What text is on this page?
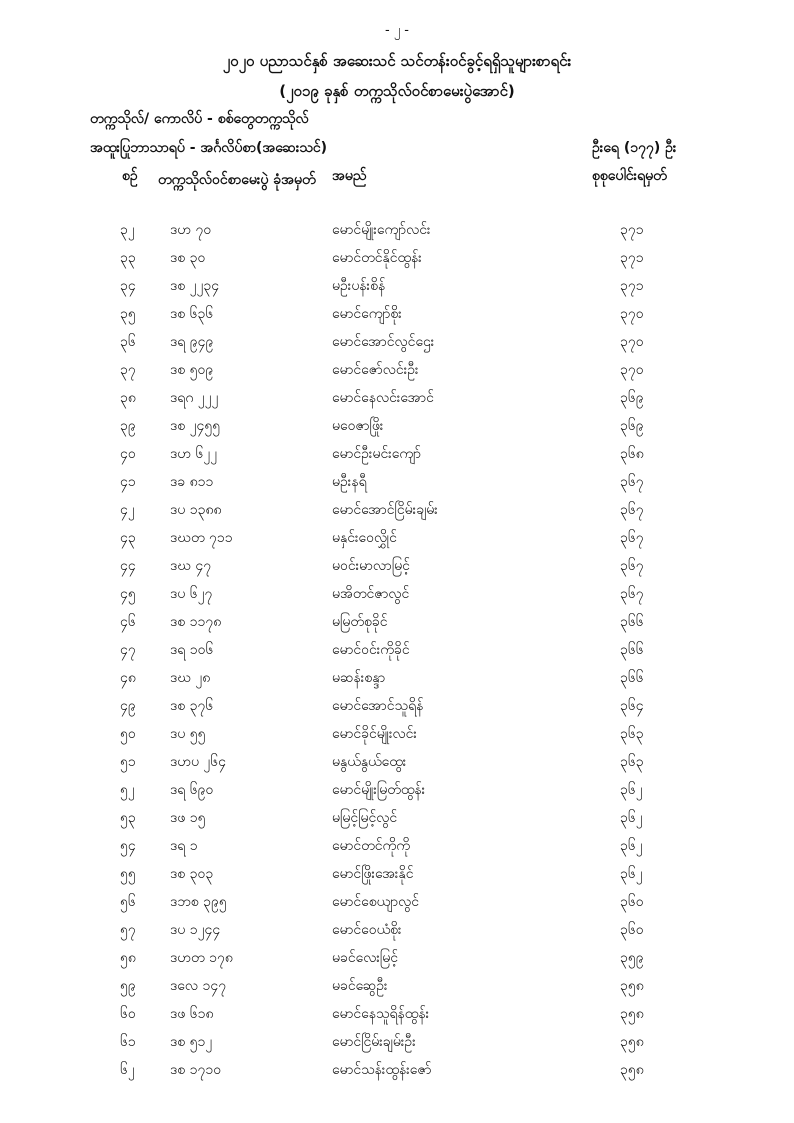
- ၂ -
၂၀၂၀ ပညာသင်နှစ် အဆေးသင် သင်တန်းဝင်ခွင့်ရရှိသူများစာရင်း
(၂၀၁၉ ခုနှစ် တက္ကသိုလ်ဝင်စာမေးပွဲအောင်)
တက္ကသိုလ်/ ကောလိပ် - စစ်တွေတက္ကသိုလ်
အထူးပြုဘာသာရပ် - အင်္ဂလိပ်စာ(အဆေးသင်)	ဦးရေ (၁၇၇) ဦး
စဉ် တက္ကသိုလ်ဝင်စာမေးပွဲ ခုံအမှတ်	အမည်	စုစုပေါင်းရမှတ်
၃၂	ဒဟ ၇၀	မောင်မျိုးကျော်လင်း	၃၇၁
၃၃ ဒစ ၃၀	မောင်တင်နိုင်ထွန်း	၃၇၁
၃၄ ဒစ ၂၂၃၄	မဦးပန်းစိန်	၃၇၁
၃၅ ဒစ ၆၃၆	မောင်ကျော်စိုး	၃၇၀
၃၆ ဒရ ၉၄၉	မောင်အောင်လွင်ဌေး	၃၇၀
၃၇ ဒစ ၅၀၉	မောင်ဇော်လင်းဦး	၃၇၀
၃၈ ဒရဂ ၂၂၂	မောင်နေလင်းအောင်	၃၆၉
၃၉ ဒစ ၂၄၅၅	မဝေဇာဖြိုး	၃၆၉
၄၀ ဒဟ ၆၂၂	မောင်ဦးမင်းကျော်	၃၆၈
၄၁ ဒခ ၈၁၁	မဦးနရီ	၃၆၇
၄၂	ဒပ ၁၃၈၈	မောင်အောင်ငြိမ်းချမ်း	၃၆၇
၄၃ ဒဃတ ၇၁၁	မနှင်းဝေလွှိုင်	၃၆၇
၄၄ ဒဃ ၄၇	မဝင်းမာလာမြင့်	၃၆၇
၄၅ ဒပ ၆၂၇	မအိတင်ဇာလွင်	၃၆၇
၄၆ ဒစ ၁၁၇၈	မမြတ်စုခိုင်	၃၆၆
၄၇ ဒရ ၁၀၆	မောင်ဝင်းကိုခိုင်	၃၆၆
၄၈ ဒဃ ၂၈	မဆန်းစန္ဒာ	၃၆၆
၄၉ ဒစ ၃၇၆	မောင်အောင်သူရိန်	၃၆၄
၅၀ ဒပ ၅၅	မောင်ခိုင်မျိုးလင်း	၃၆၃
၅၁ ဒဟပ ၂၆၄	မနွယ်နွယ်ထွေး	၃၆၃
၅၂	ဒရ ၆၉၀	မောင်မျိုးမြတ်ထွန်း	၃၆၂
၅၃ ဒဖ ၁၅	မမြင့်မြင့်လွင်	၃၆၂
၅၄ ဒရ ၁	မောင်တင်ကိုကို	၃၆၂
၅၅ ဒစ ၃၀၃	မောင်ဖြိုးအေးနိုင်	၃၆၂
၅၆ ဒဘစ ၃၉၅	မောင်စေယျာလွင်	၃၆၀
၅၇ ဒပ ၁၂၄၄	မောင်ဝေယံစိုး	၃၆၀
၅၈ ဒဟတ ၁၇၈	မခင်လေးမြင့်	၃၅၉
၅၉ ဒလေ ၁၄၇	မခင်ဆွေဦး	၃၅၈
၆၀ ဒဖ ၆၁၈	မောင်နေသူရိန်ထွန်း	၃၅၈
၆၁ ဒစ ၅၁၂	မောင်ငြိမ်းချမ်းဦး	၃၅၈
၆၂	ဒစ ၁၇၁၀	မောင်သန်းထွန်းဇော်	၃၅၈
